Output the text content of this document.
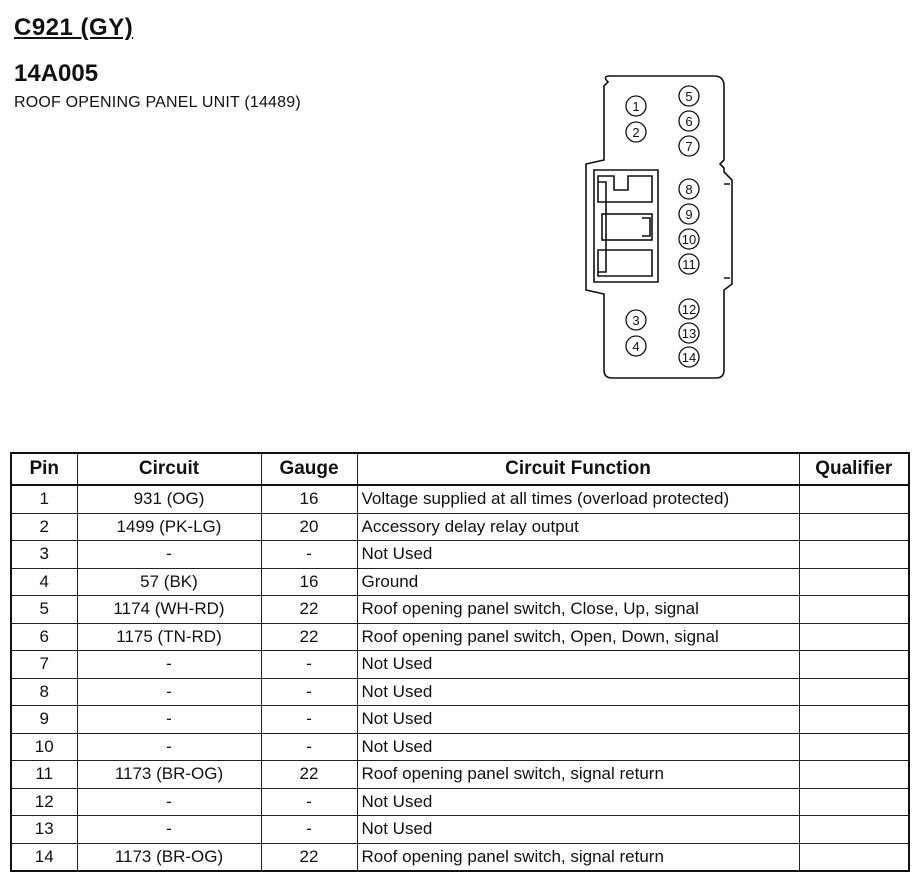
C921 (GY)
14A005
ROOF OPENING PANEL UNIT (14489)	1
2
3
4
5
6
7
8
9
10
11
12
13
14
Pin	Circuit	Gauge	Circuit Function	Qualifier
1	931 (OG)	16	Voltage supplied at all times (overload protected)	
2	1499 (PK-LG)	20	Accessory delay relay output	
3	-	-	Not Used	
4	57 (BK)	16	Ground	
5	1174 (WH-RD)	22	Roof opening panel switch, Close, Up, signal	
6	1175 (TN-RD)	22	Roof opening panel switch, Open, Down, signal	
7	-	-	Not Used	
8	-	-	Not Used	
9	-	-	Not Used	
10	-	-	Not Used	
11	1173 (BR-OG)	22	Roof opening panel switch, signal return	
12	-	-	Not Used	
13	-	-	Not Used	
14	1173 (BR-OG)	22	Roof opening panel switch, signal return	
